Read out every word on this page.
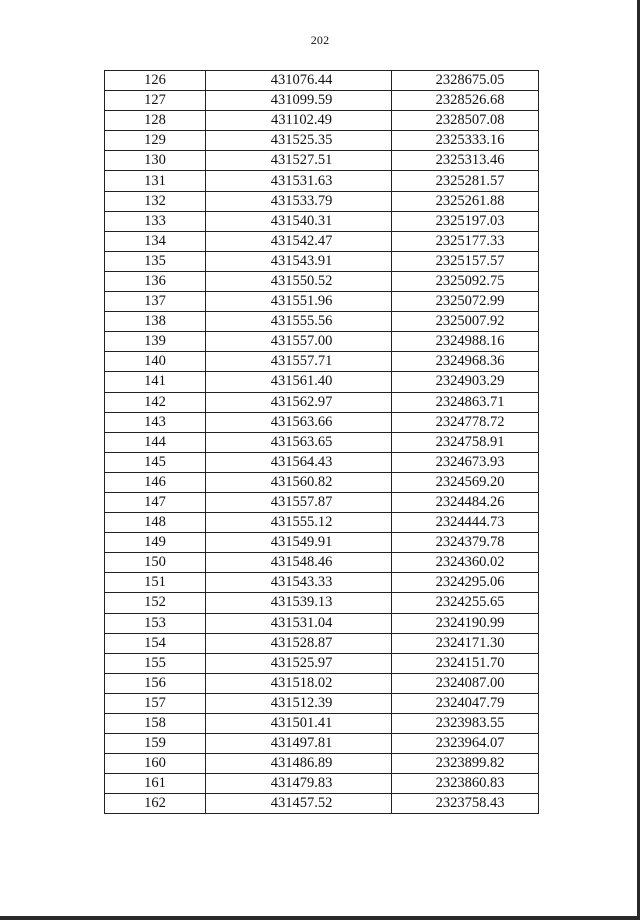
202
126	431076.44	2328675.05
127	431099.59	2328526.68
128	431102.49	2328507.08
129	431525.35	2325333.16
130	431527.51	2325313.46
131	431531.63	2325281.57
132	431533.79	2325261.88
133	431540.31	2325197.03
134	431542.47	2325177.33
135	431543.91	2325157.57
136	431550.52	2325092.75
137	431551.96	2325072.99
138	431555.56	2325007.92
139	431557.00	2324988.16
140	431557.71	2324968.36
141	431561.40	2324903.29
142	431562.97	2324863.71
143	431563.66	2324778.72
144	431563.65	2324758.91
145	431564.43	2324673.93
146	431560.82	2324569.20
147	431557.87	2324484.26
148	431555.12	2324444.73
149	431549.91	2324379.78
150	431548.46	2324360.02
151	431543.33	2324295.06
152	431539.13	2324255.65
153	431531.04	2324190.99
154	431528.87	2324171.30
155	431525.97	2324151.70
156	431518.02	2324087.00
157	431512.39	2324047.79
158	431501.41	2323983.55
159	431497.81	2323964.07
160	431486.89	2323899.82
161	431479.83	2323860.83
162	431457.52	2323758.43
